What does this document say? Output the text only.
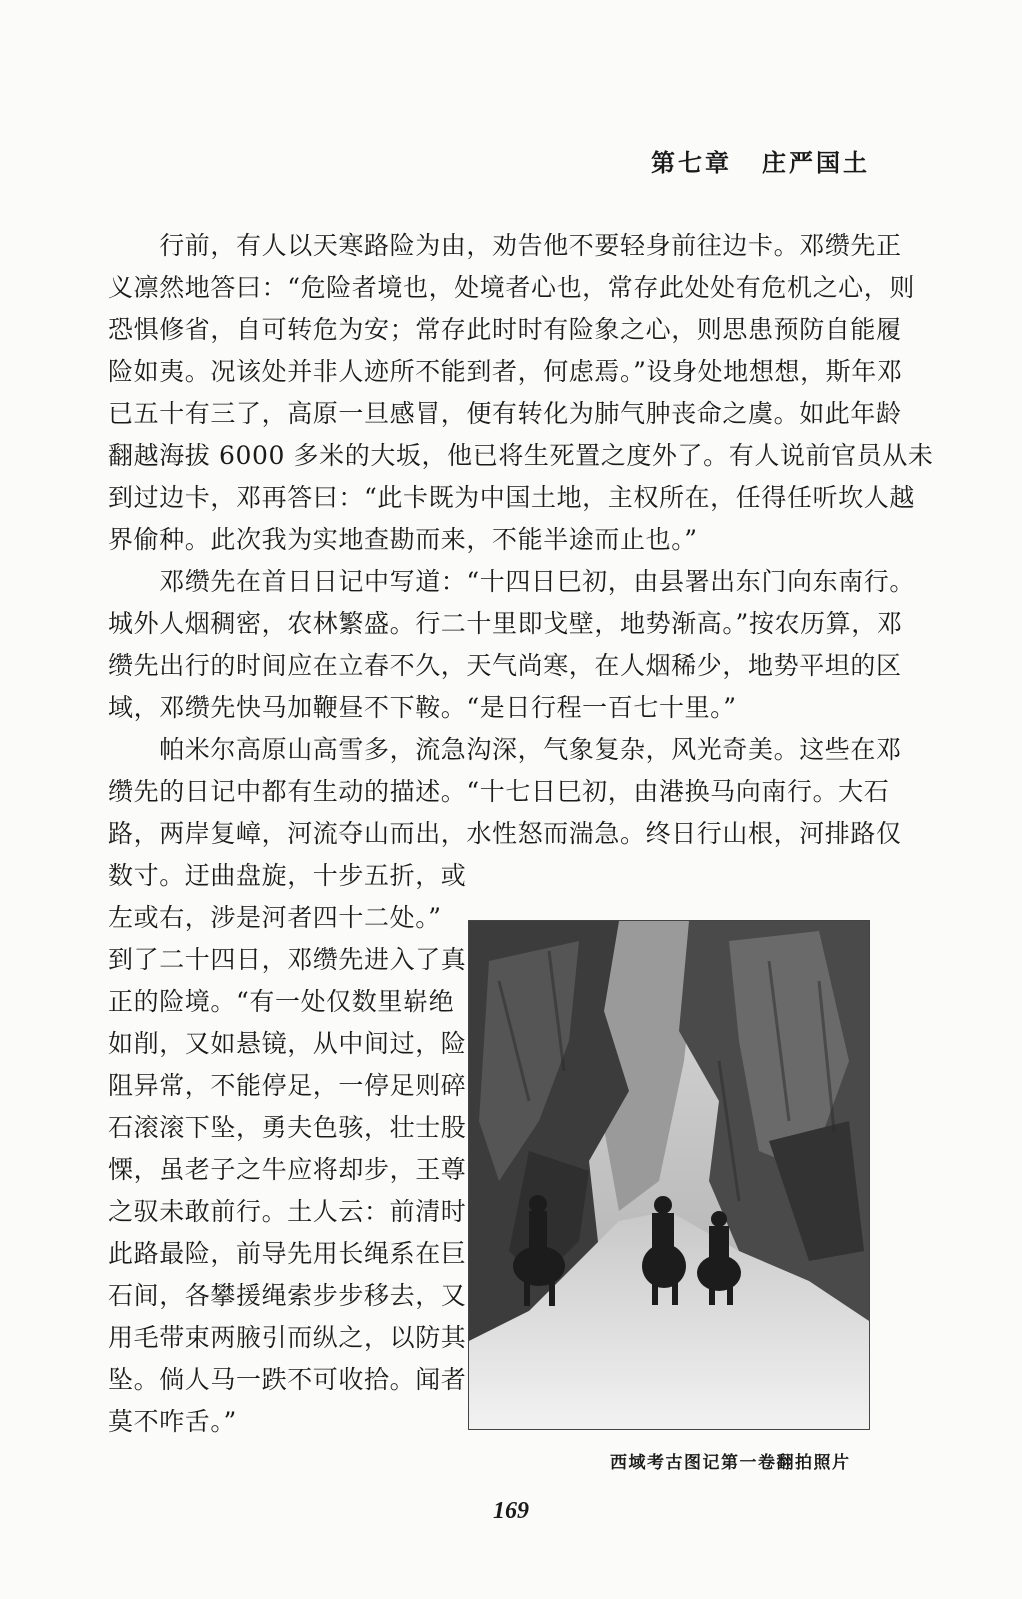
第七章 庄严国土
　　行前，有人以天寒路险为由，劝告他不要轻身前往边卡。邓缵先正
义凛然地答曰：“危险者境也，处境者心也，常存此处处有危机之心，则
恐惧修省，自可转危为安；常存此时时有险象之心，则思患预防自能履
险如夷。况该处并非人迹所不能到者，何虑焉。”设身处地想想，斯年邓
已五十有三了，高原一旦感冒，便有转化为肺气肿丧命之虞。如此年龄
翻越海拔 6000 多米的大坂，他已将生死置之度外了。有人说前官员从未
到过边卡，邓再答曰：“此卡既为中国土地，主权所在，任得任听坎人越
界偷种。此次我为实地查勘而来，不能半途而止也。”
　　邓缵先在首日日记中写道：“十四日巳初，由县署出东门向东南行。
城外人烟稠密，农林繁盛。行二十里即戈壁，地势渐高。”按农历算，邓
缵先出行的时间应在立春不久，天气尚寒，在人烟稀少，地势平坦的区
域，邓缵先快马加鞭昼不下鞍。“是日行程一百七十里。”
　　帕米尔高原山高雪多，流急沟深，气象复杂，风光奇美。这些在邓
缵先的日记中都有生动的描述。“十七日巳初，由港换马向南行。大石
路，两岸复嶂，河流夺山而出，水性怒而湍急。终日行山根，河排路仅
数寸。迂曲盘旋，十步五折，或
左或右，涉是河者四十二处。”
到了二十四日，邓缵先进入了真
正的险境。“有一处仅数里崭绝
如削，又如悬镜，从中间过，险
阻异常，不能停足，一停足则碎
石滚滚下坠，勇夫色骇，壮士股
慄，虽老子之牛应将却步，王尊
之驭未敢前行。土人云：前清时
此路最险，前导先用长绳系在巨
石间，各攀援绳索步步移去，又
用毛带束两腋引而纵之，以防其
坠。倘人马一跌不可收拾。闻者
莫不咋舌。”
西域考古图记第一卷翻拍照片
169
